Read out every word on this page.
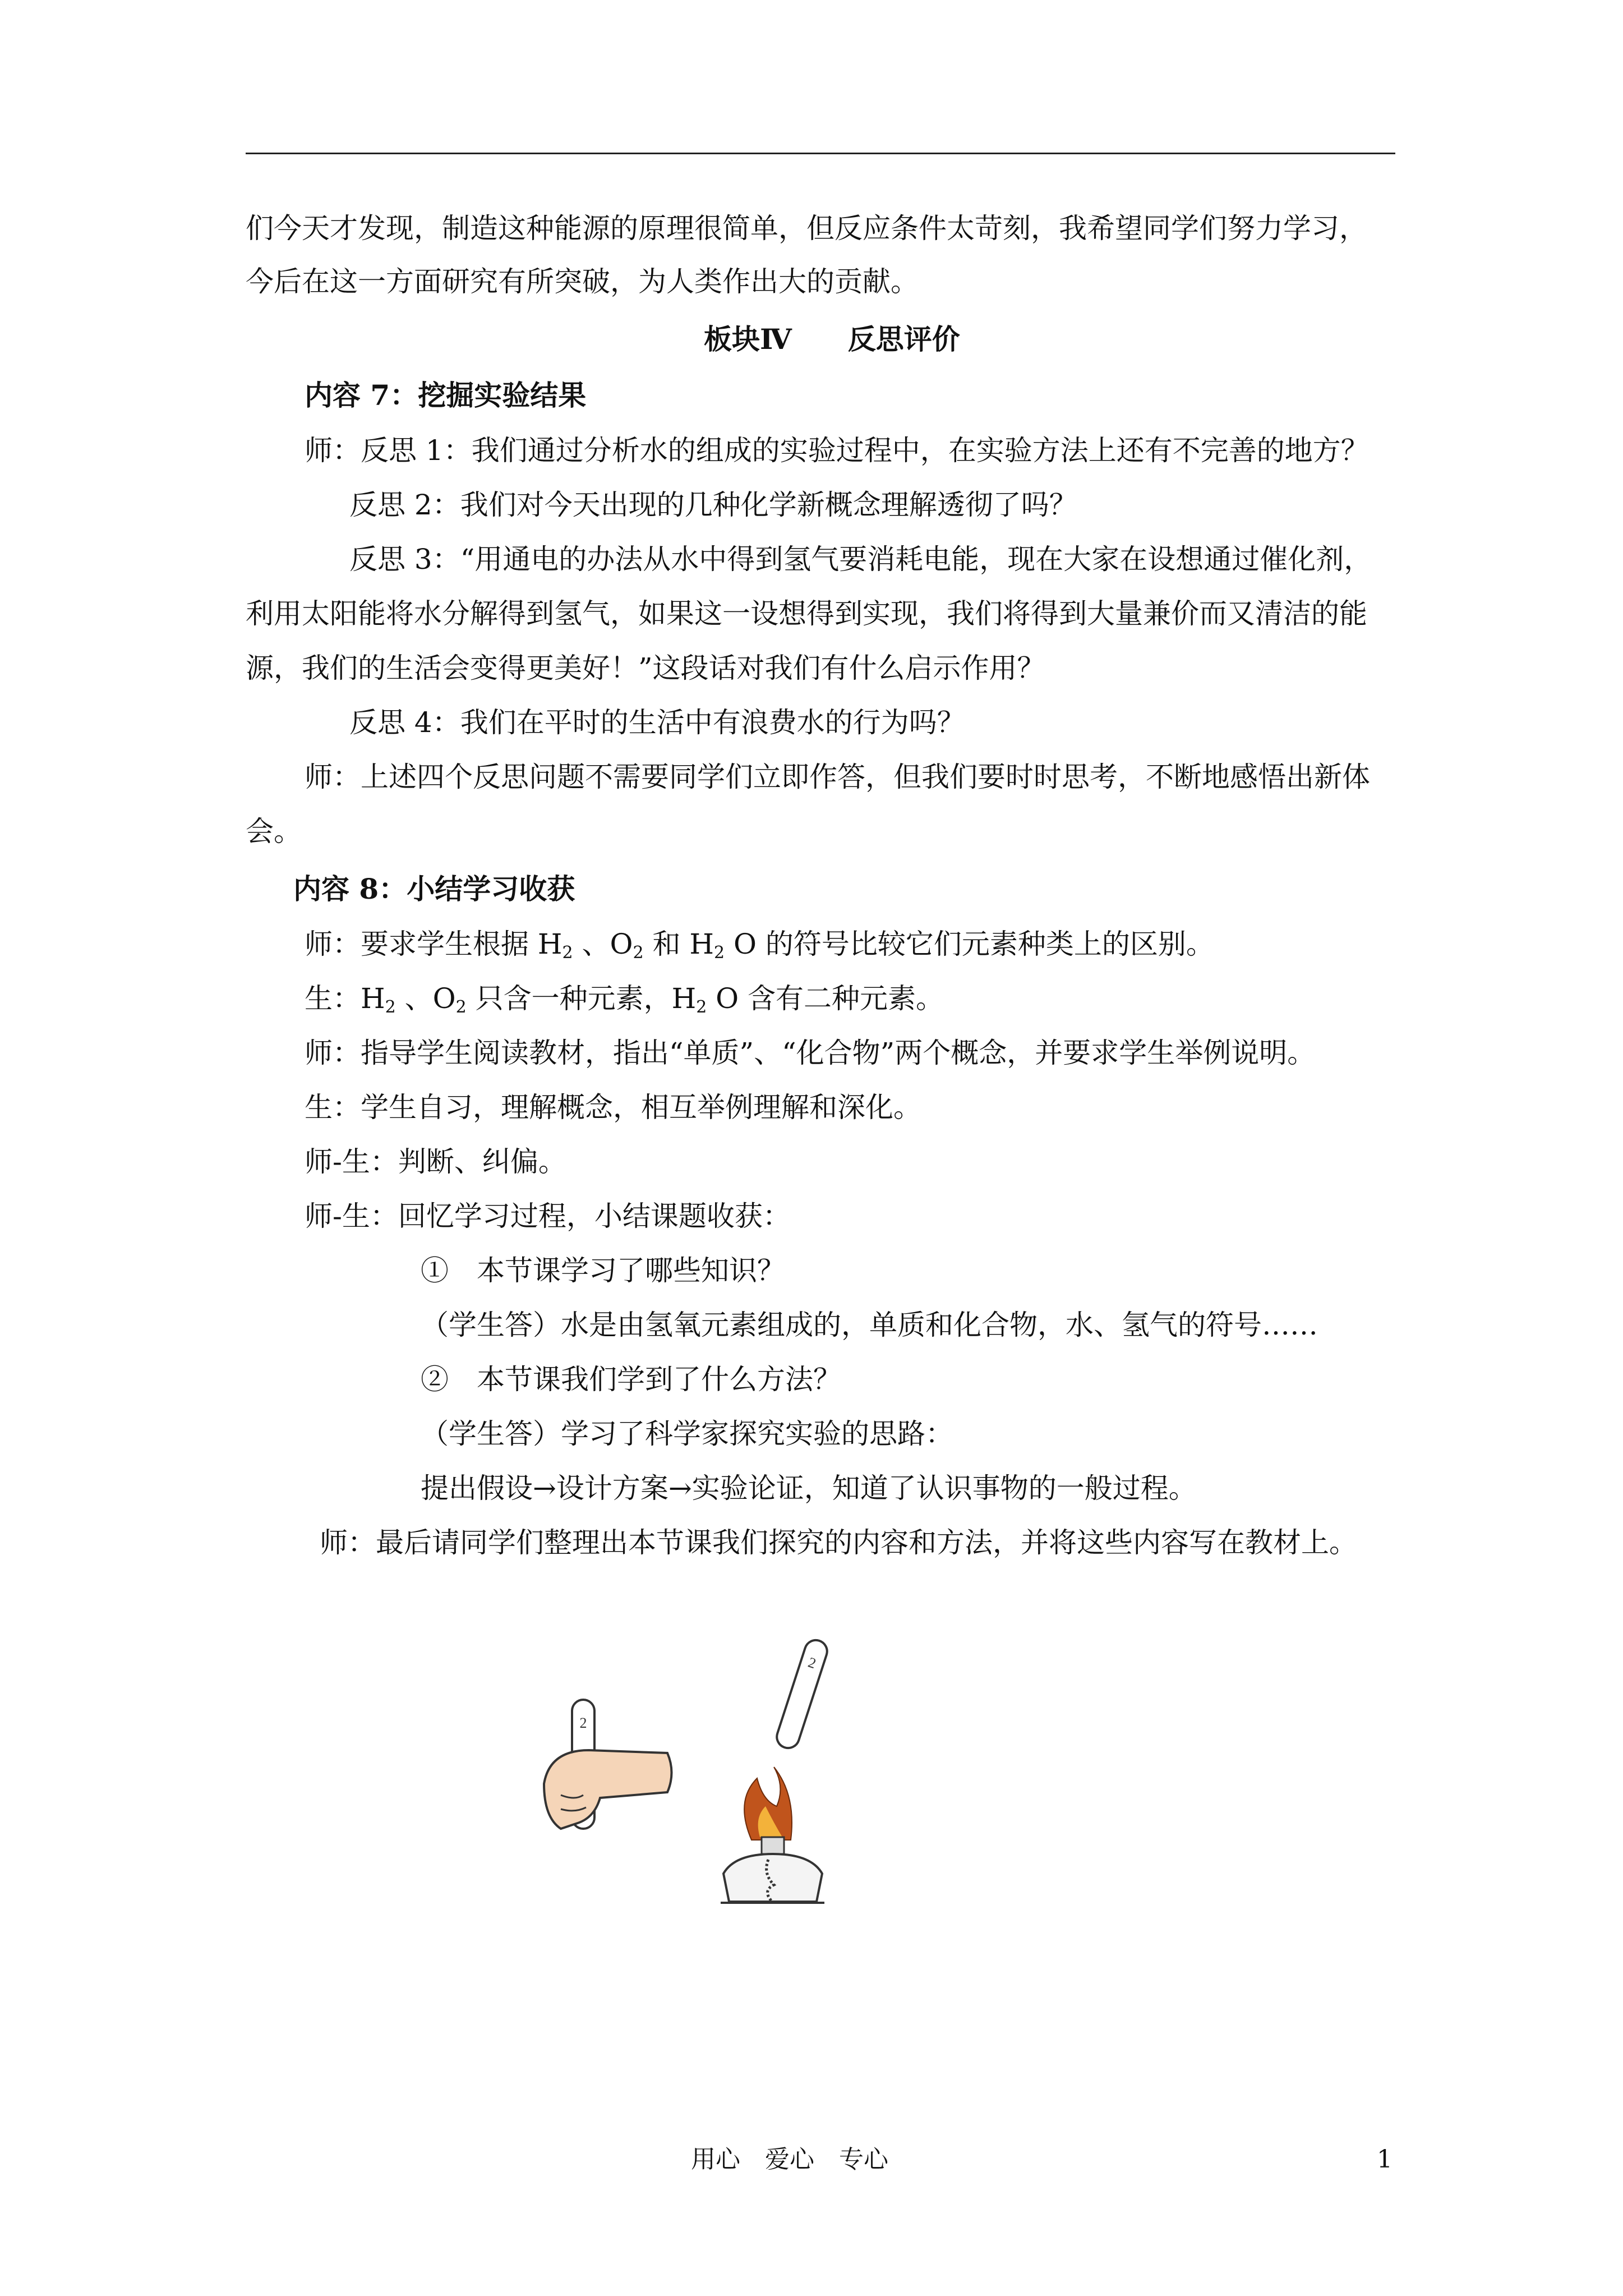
们今天才发现，制造这种能源的原理很简单，但反应条件太苛刻，我希望同学们努力学习，
今后在这一方面研究有所突破，为人类作出大的贡献。
板块Ⅳ　　反思评价
内容 7：挖掘实验结果
师：反思 1：我们通过分析水的组成的实验过程中，在实验方法上还有不完善的地方？
反思 2：我们对今天出现的几种化学新概念理解透彻了吗？
反思 3：“用通电的办法从水中得到氢气要消耗电能，现在大家在设想通过催化剂，
利用太阳能将水分解得到氢气，如果这一设想得到实现，我们将得到大量兼价而又清洁的能
源，我们的生活会变得更美好！”这段话对我们有什么启示作用？
反思 4：我们在平时的生活中有浪费水的行为吗？
师：上述四个反思问题不需要同学们立即作答，但我们要时时思考，不断地感悟出新体
会。
内容 8：小结学习收获
师：要求学生根据 $H_2$ 、$O_2$ 和 $H_2$ O 的符号比较它们元素种类上的区别。
生：$H_2$ 、$O_2$ 只含一种元素，$H_2$ O 含有二种元素。
师：指导学生阅读教材，指出“单质”、“化合物”两个概念，并要求学生举例说明。
生：学生自习，理解概念，相互举例理解和深化。
师-生：判断、纠偏。
师-生：回忆学习过程，小结课题收获：
①　本节课学习了哪些知识？
（学生答）水是由氢氧元素组成的，单质和化合物，水、氢气的符号……
②　本节课我们学到了什么方法？
（学生答）学习了科学家探究实验的思路：
提出假设→设计方案→实验论证，知道了认识事物的一般过程。
师：最后请同学们整理出本节课我们探究的内容和方法，并将这些内容写在教材上。
2
2
用心　爱心　专心	1
